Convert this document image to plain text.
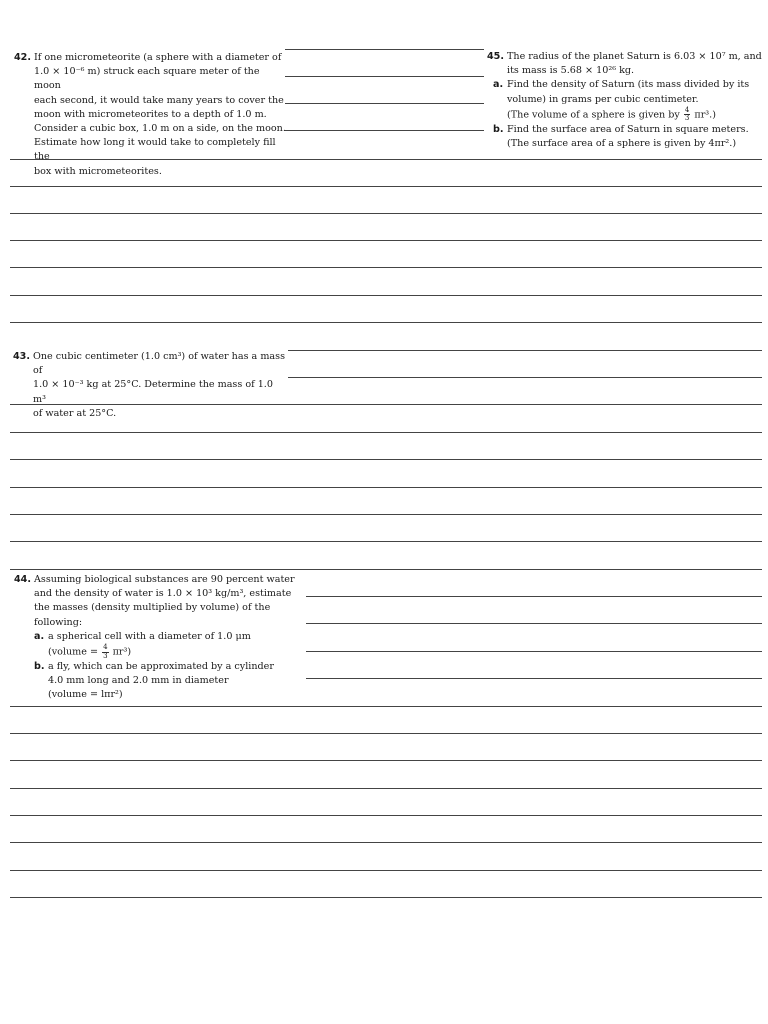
42. If one micrometeorite (a sphere with a diameter of
1.0 × 10⁻⁶ m) struck each square meter of the moon
each second, it would take many years to cover the
moon with micrometeorites to a depth of 1.0 m.
Consider a cubic box, 1.0 m on a side, on the moon.
Estimate how long it would take to completely fill the
box with micrometeorites.
45. The radius of the planet Saturn is 6.03 × 10⁷ m, and
its mass is 5.68 × 10²⁶ kg.
a. Find the density of Saturn (its mass divided by its
volume) in grams per cubic centimeter.
(The volume of a sphere is given by $\frac{4}{3} \pi r^3$.)
b. Find the surface area of Saturn in square meters.
(The surface area of a sphere is given by 4πr².)
43. One cubic centimeter (1.0 cm³) of water has a mass of
1.0 × 10⁻³ kg at 25°C. Determine the mass of 1.0 m³
of water at 25°C.
44. Assuming biological substances are 90 percent water
and the density of water is 1.0 × 10³ kg/m³, estimate
the masses (density multiplied by volume) of the
following:
a. a spherical cell with a diameter of 1.0 μm
(volume = $\frac{4}{3} \pi r^3$)
b. a fly, which can be approximated by a cylinder
4.0 mm long and 2.0 mm in diameter
(volume = lπr²)
